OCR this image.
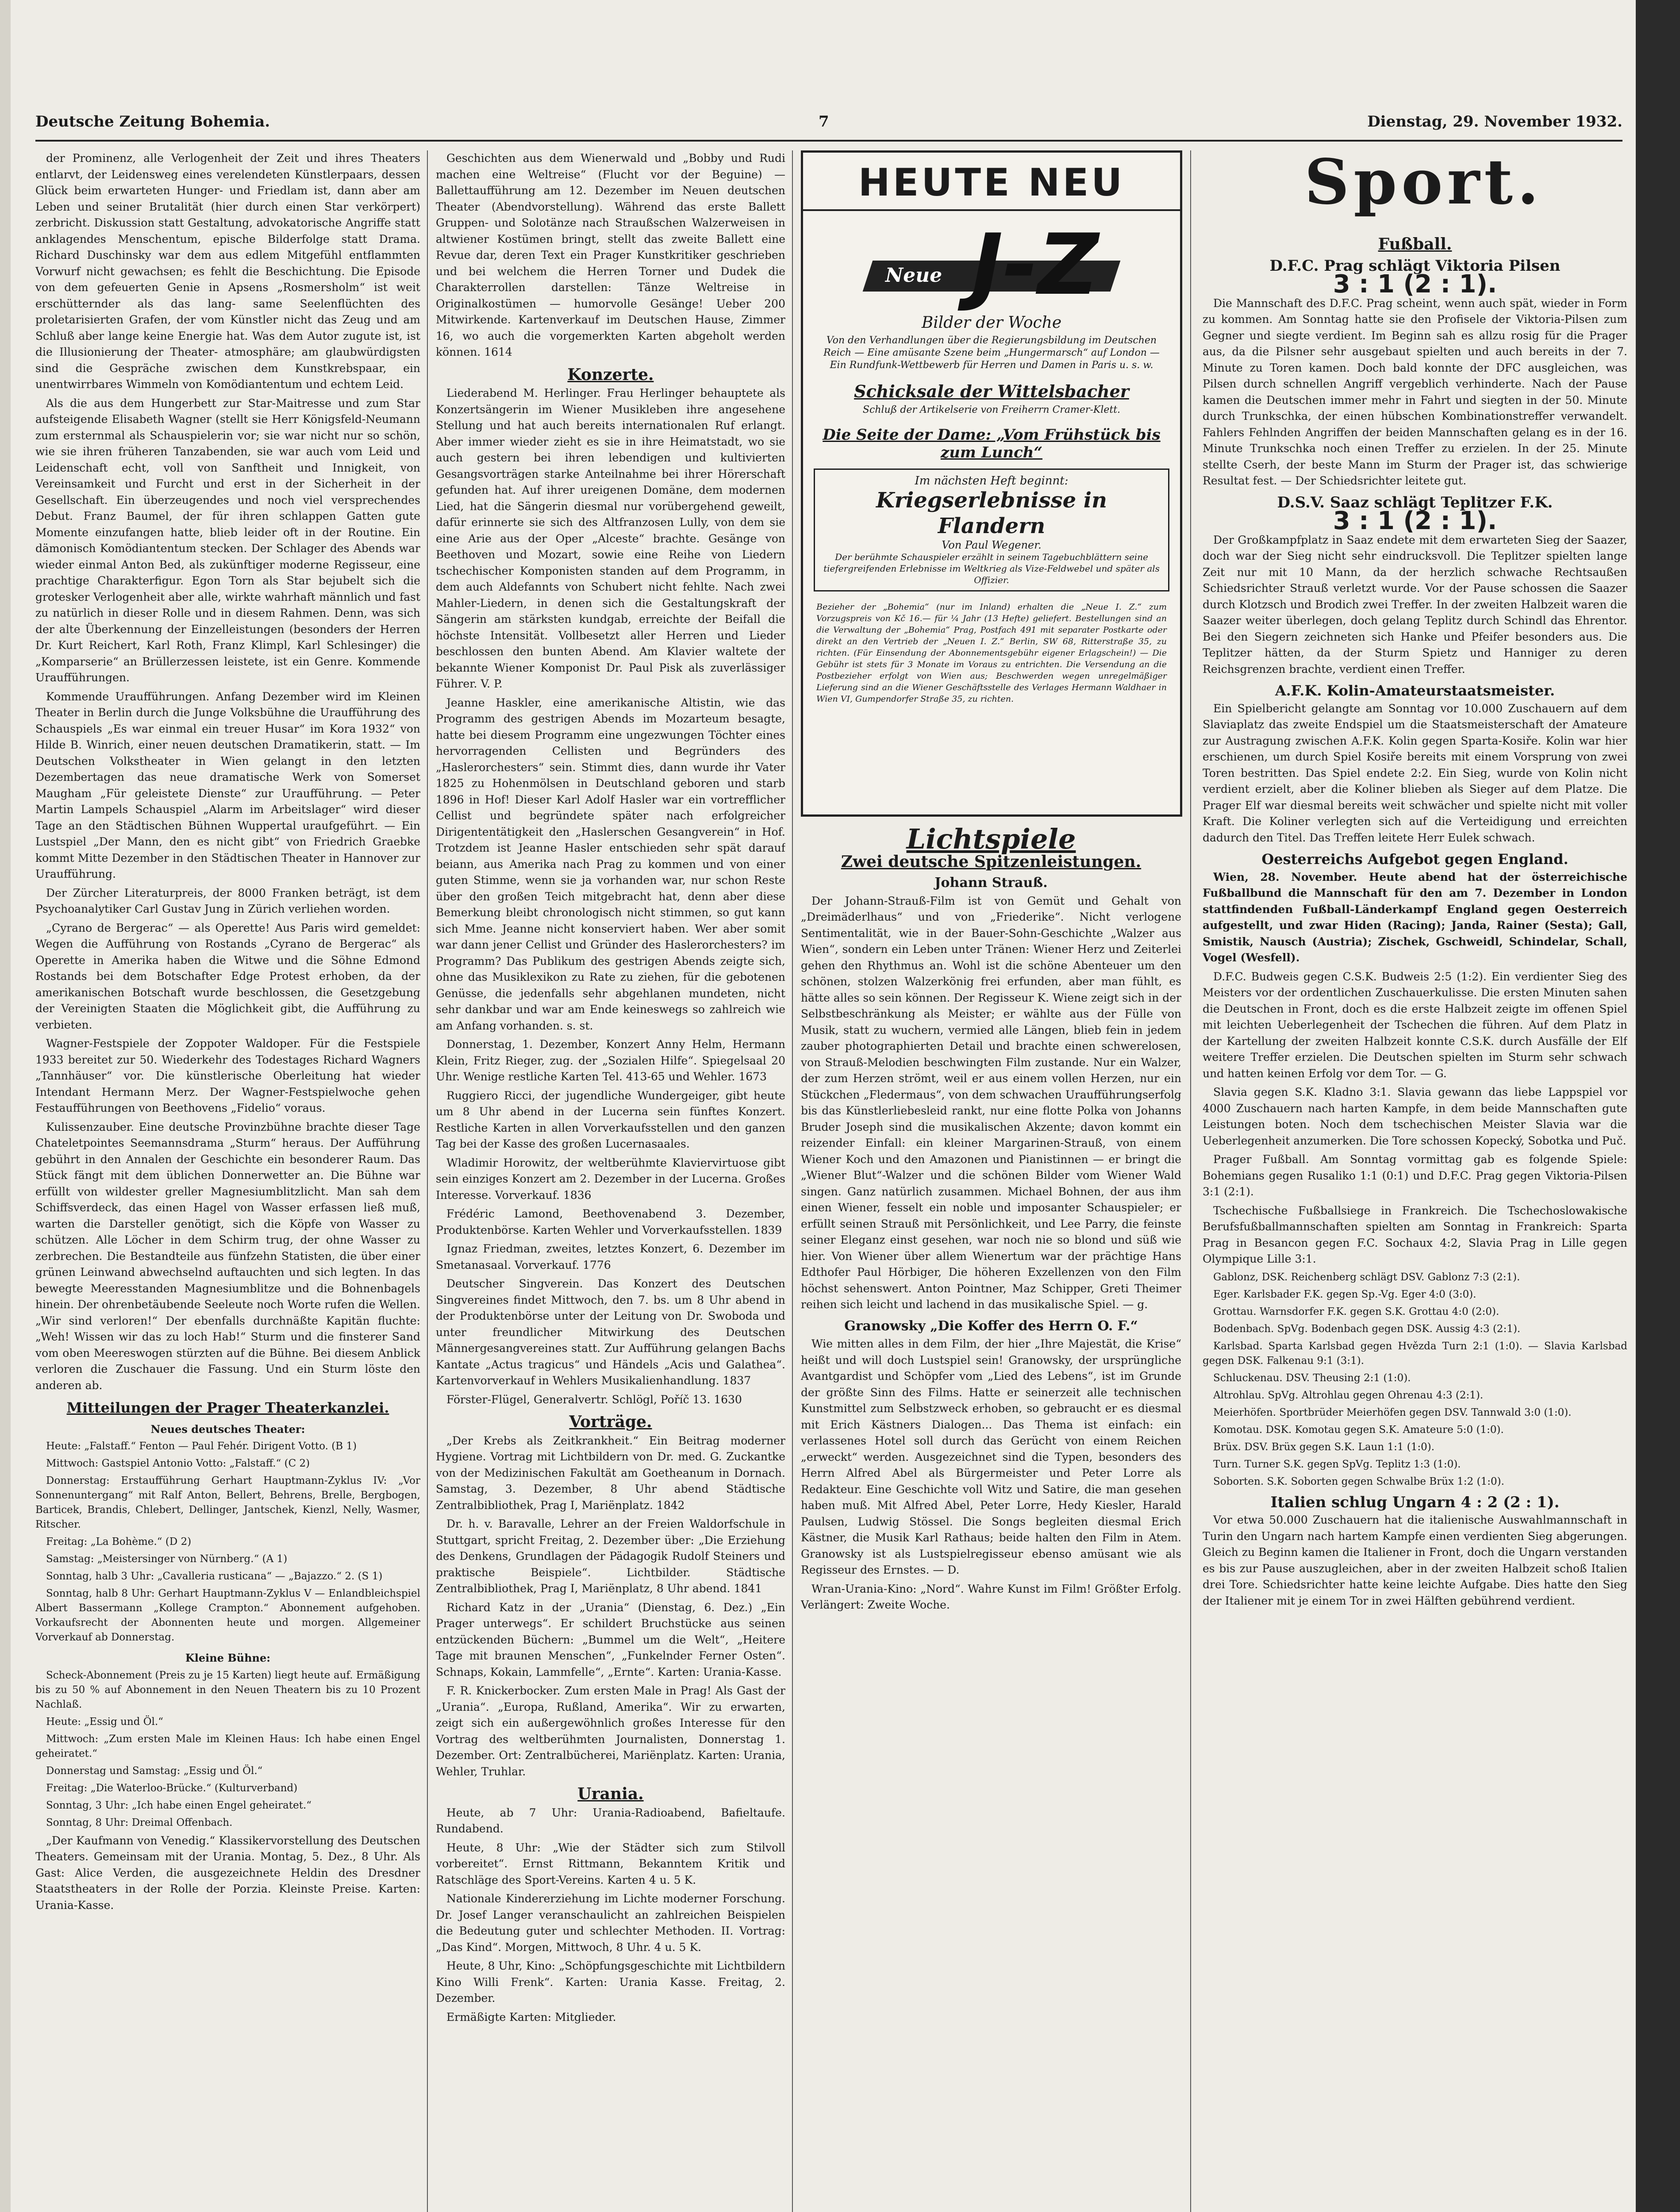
Deutsche Zeitung Bohemia.	7	Dienstag, 29. November 1932.

der Prominenz, alle Verlogenheit der Zeit und ihres Theaters entlarvt, der Leidensweg eines verelendeten Künstlerpaars, dessen Glück beim erwarteten Hunger- und Friedlam ist, dann aber am Leben und seiner Brutalität (hier durch einen Star verkörpert) zerbricht. Diskussion statt Gestaltung, advokatorische Angriffe statt anklagendes Menschentum, epische Bilderfolge statt Drama. Richard Duschinsky war dem aus edlem Mitgefühl entflammten Vorwurf nicht gewachsen; es fehlt die Beschichtung. Die Episode von dem gefeuerten Genie in Apsens „Rosmersholm“ ist weit erschütternder als das lang- same Seelenflüchten des proletarisierten Grafen, der vom Künstler nicht das Zeug und am Schluß aber lange keine Energie hat. Was dem Autor zugute ist, ist die Illusionierung der Theater- atmosphäre; am glaubwürdigsten sind die Gespräche zwischen dem Kunstkrebspaar, ein unentwirrbares Wimmeln von Komödiantentum und echtem Leid.

Als die aus dem Hungerbett zur Star-Maitresse und zum Star aufsteigende Elisabeth Wagner (stellt sie Herr Königsfeld-Neumann zum ersternmal als Schauspielerin vor; sie war nicht nur so schön, wie sie ihren früheren Tanzabenden, sie war auch vom Leid und Leidenschaft echt, voll von Sanftheit und Innigkeit, von Vereinsamkeit und Furcht und erst in der Sicherheit in der Gesellschaft. Ein überzeugendes und noch viel versprechendes Debut. Franz Baumel, der für ihren schlappen Gatten gute Momente einzufangen hatte, blieb leider oft in der Routine. Ein dämonisch Komödiantentum stecken. Der Schlager des Abends war wieder einmal Anton Bed, als zukünftiger moderne Regisseur, eine prachtige Charakterfigur. Egon Torn als Star bejubelt sich die grotesker Verlogenheit aber alle, wirkte wahrhaft männlich und fast zu natürlich in dieser Rolle und in diesem Rahmen. Denn, was sich der alte Überkennung der Einzelleistungen (besonders der Herren Dr. Kurt Reichert, Karl Roth, Franz Klimpl, Karl Schlesinger) die „Komparserie“ an Brüllerzessen leistete, ist ein Genre. Kommende Uraufführungen.

Kommende Uraufführungen. Anfang Dezember wird im Kleinen Theater in Berlin durch die Junge Volksbühne die Uraufführung des Schauspiels „Es war einmal ein treuer Husar“ im Kora 1932“ von Hilde B. Winrich, einer neuen deutschen Dramatikerin, statt. — Im Deutschen Volkstheater in Wien gelangt in den letzten Dezembertagen das neue dramatische Werk von Somerset Maugham „Für geleistete Dienste“ zur Uraufführung. — Peter Martin Lampels Schauspiel „Alarm im Arbeitslager“ wird dieser Tage an den Städtischen Bühnen Wuppertal uraufgeführt. — Ein Lustspiel „Der Mann, den es nicht gibt“ von Friedrich Graebke kommt Mitte Dezember in den Städtischen Theater in Hannover zur Uraufführung.

Der Zürcher Literaturpreis, der 8000 Franken beträgt, ist dem Psychoanalytiker Carl Gustav Jung in Zürich verliehen worden.

„Cyrano de Bergerac“ — als Operette! Aus Paris wird gemeldet: Wegen die Aufführung von Rostands „Cyrano de Bergerac“ als Operette in Amerika haben die Witwe und die Söhne Edmond Rostands bei dem Botschafter Edge Protest erhoben, da der amerikanischen Botschaft wurde beschlossen, die Gesetzgebung der Vereinigten Staaten die Möglichkeit gibt, die Aufführung zu verbieten.

Wagner-Festspiele der Zoppoter Waldoper. Für die Festspiele 1933 bereitet zur 50. Wiederkehr des Todestages Richard Wagners „Tannhäuser“ vor. Die künstlerische Oberleitung hat wieder Intendant Hermann Merz. Der Wagner-Festspielwoche gehen Festaufführungen von Beethovens „Fidelio“ voraus.

Kulissenzauber. Eine deutsche Provinzbühne brachte dieser Tage Chateletpointes Seemannsdrama „Sturm“ heraus. Der Aufführung gebührt in den Annalen der Geschichte ein besonderer Raum. Das Stück fängt mit dem üblichen Donnerwetter an. Die Bühne war erfüllt von wildester greller Magnesiumblitzlicht. Man sah dem Schiffsverdeck, das einen Hagel von Wasser erfassen ließ muß, warten die Darsteller genötigt, sich die Köpfe von Wasser zu schützen. Alle Löcher in dem Schirm trug, der ohne Wasser zu zerbrechen. Die Bestandteile aus fünfzehn Statisten, die über einer grünen Leinwand abwechselnd auftauchten und sich legten. In das bewegte Meeresstanden Magnesiumblitze und die Bohnenbagels hinein. Der ohrenbetäubende Seeleute noch Worte rufen die Wellen. „Wir sind verloren!“ Der ebenfalls durchnäßte Kapitän fluchte: „Weh! Wissen wir das zu loch Hab!“ Sturm und die finsterer Sand vom oben Meereswogen stürzten auf die Bühne. Bei diesem Anblick verloren die Zuschauer die Fassung. Und ein Sturm löste den anderen ab.

Mitteilungen der Prager Theaterkanzlei.
Neues deutsches Theater:

Heute: „Falstaff.“ Fenton — Paul Fehér. Dirigent Votto. (B 1)

Mittwoch: Gastspiel Antonio Votto: „Falstaff.“ (C 2)

Donnerstag: Erstaufführung Gerhart Hauptmann-Zyklus IV: „Vor Sonnenuntergang“ mit Ralf Anton, Bellert, Behrens, Brelle, Bergbogen, Barticek, Brandis, Chlebert, Dellinger, Jantschek, Kienzl, Nelly, Wasmer, Ritscher.

Freitag: „La Bohème.“ (D 2)

Samstag: „Meistersinger von Nürnberg.“ (A 1)

Sonntag, halb 3 Uhr: „Cavalleria rusticana“ — „Bajazzo.“ 2. (S 1)

Sonntag, halb 8 Uhr: Gerhart Hauptmann-Zyklus V — Enlandbleichspiel Albert Bassermann „Kollege Crampton.“ Abonnement aufgehoben. Vorkaufsrecht der Abonnenten heute und morgen. Allgemeiner Vorverkauf ab Donnerstag.

Kleine Bühne:

Scheck-Abonnement (Preis zu je 15 Karten) liegt heute auf. Ermäßigung bis zu 50 % auf Abonnement in den Neuen Theatern bis zu 10 Prozent Nachlaß.

Heute: „Essig und Öl.“

Mittwoch: „Zum ersten Male im Kleinen Haus: Ich habe einen Engel geheiratet.“

Donnerstag und Samstag: „Essig und Öl.“

Freitag: „Die Waterloo-Brücke.“ (Kulturverband)

Sonntag, 3 Uhr: „Ich habe einen Engel geheiratet.“

Sonntag, 8 Uhr: Dreimal Offenbach.

„Der Kaufmann von Venedig.“ Klassikervorstellung des Deutschen Theaters. Gemeinsam mit der Urania. Montag, 5. Dez., 8 Uhr. Als Gast: Alice Verden, die ausgezeichnete Heldin des Dresdner Staatstheaters in der Rolle der Porzia. Kleinste Preise. Karten: Urania-Kasse.

Geschichten aus dem Wienerwald und „Bobby und Rudi machen eine Weltreise“ (Flucht vor der Beguine) — Ballettaufführung am 12. Dezember im Neuen deutschen Theater (Abendvorstellung). Während das erste Ballett Gruppen- und Solotänze nach Straußschen Walzerweisen in altwiener Kostümen bringt, stellt das zweite Ballett eine Revue dar, deren Text ein Prager Kunstkritiker geschrieben und bei welchem die Herren Torner und Dudek die Charakterrollen darstellen: Tänze Weltreise in Originalkostümen — humorvolle Gesänge! Ueber 200 Mitwirkende. Kartenverkauf im Deutschen Hause, Zimmer 16, wo auch die vorgemerkten Karten abgeholt werden können. 1614

Konzerte.

Liederabend M. Herlinger. Frau Herlinger behauptete als Konzertsängerin im Wiener Musikleben ihre angesehene Stellung und hat auch bereits internationalen Ruf erlangt. Aber immer wieder zieht es sie in ihre Heimatstadt, wo sie auch gestern bei ihren lebendigen und kultivierten Gesangsvorträgen starke Anteilnahme bei ihrer Hörerschaft gefunden hat. Auf ihrer ureigenen Domäne, dem modernen Lied, hat die Sängerin diesmal nur vorübergehend geweilt, dafür erinnerte sie sich des Altfranzosen Lully, von dem sie eine Arie aus der Oper „Alceste“ brachte. Gesänge von Beethoven und Mozart, sowie eine Reihe von Liedern tschechischer Komponisten standen auf dem Programm, in dem auch Aldefannts von Schubert nicht fehlte. Nach zwei Mahler-Liedern, in denen sich die Gestaltungskraft der Sängerin am stärksten kundgab, erreichte der Beifall die höchste Intensität. Vollbesetzt aller Herren und Lieder beschlossen den bunten Abend. Am Klavier waltete der bekannte Wiener Komponist Dr. Paul Pisk als zuverlässiger Führer. V. P.

Jeanne Haskler, eine amerikanische Altistin, wie das Programm des gestrigen Abends im Mozarteum besagte, hatte bei diesem Programm eine ungezwungen Töchter eines hervorragenden Cellisten und Begründers des „Haslerorchesters“ sein. Stimmt dies, dann wurde ihr Vater 1825 zu Hohenmölsen in Deutschland geboren und starb 1896 in Hof! Dieser Karl Adolf Hasler war ein vortrefflicher Cellist und begründete später nach erfolgreicher Dirigententätigkeit den „Haslerschen Gesangverein“ in Hof. Trotzdem ist Jeanne Hasler entschieden sehr spät darauf beiann, aus Amerika nach Prag zu kommen und von einer guten Stimme, wenn sie ja vorhanden war, nur schon Reste über den großen Teich mitgebracht hat, denn aber diese Bemerkung bleibt chronologisch nicht stimmen, so gut kann sich Mme. Jeanne nicht konserviert haben. Wer aber somit war dann jener Cellist und Gründer des Haslerorchesters? im Programm? Das Publikum des gestrigen Abends zeigte sich, ohne das Musiklexikon zu Rate zu ziehen, für die gebotenen Genüsse, die jedenfalls sehr abgehlanen mundeten, nicht sehr dankbar und war am Ende keineswegs so zahlreich wie am Anfang vorhanden. s. st.

Donnerstag, 1. Dezember, Konzert Anny Helm, Hermann Klein, Fritz Rieger, zug. der „Sozialen Hilfe“. Spiegelsaal 20 Uhr. Wenige restliche Karten Tel. 413-65 und Wehler. 1673

Ruggiero Ricci, der jugendliche Wundergeiger, gibt heute um 8 Uhr abend in der Lucerna sein fünftes Konzert. Restliche Karten in allen Vorverkaufsstellen und den ganzen Tag bei der Kasse des großen Lucernasaales.

Wladimir Horowitz, der weltberühmte Klaviervirtuose gibt sein einziges Konzert am 2. Dezember in der Lucerna. Großes Interesse. Vorverkauf. 1836

Frédéric Lamond, Beethovenabend 3. Dezember, Produktenbörse. Karten Wehler und Vorverkaufsstellen. 1839

Ignaz Friedman, zweites, letztes Konzert, 6. Dezember im Smetanasaal. Vorverkauf. 1776

Deutscher Singverein. Das Konzert des Deutschen Singvereines findet Mittwoch, den 7. bs. um 8 Uhr abend in der Produktenbörse unter der Leitung von Dr. Swoboda und unter freundlicher Mitwirkung des Deutschen Männergesangvereines statt. Zur Aufführung gelangen Bachs Kantate „Actus tragicus“ und Händels „Acis und Galathea“. Kartenvorverkauf in Wehlers Musikalienhandlung. 1837

Förster-Flügel, Generalvertr. Schlögl, Poříč 13. 1630

Vorträge.

„Der Krebs als Zeitkrankheit.“ Ein Beitrag moderner Hygiene. Vortrag mit Lichtbildern von Dr. med. G. Zuckantke von der Medizinischen Fakultät am Goetheanum in Dornach. Samstag, 3. Dezember, 8 Uhr abend Städtische Zentralbibliothek, Prag I, Mariënplatz. 1842

Dr. h. v. Baravalle, Lehrer an der Freien Waldorfschule in Stuttgart, spricht Freitag, 2. Dezember über: „Die Erziehung des Denkens, Grundlagen der Pädagogik Rudolf Steiners und praktische Beispiele“. Lichtbilder. Städtische Zentralbibliothek, Prag I, Mariënplatz, 8 Uhr abend. 1841

Richard Katz in der „Urania“ (Dienstag, 6. Dez.) „Ein Prager unterwegs“. Er schildert Bruchstücke aus seinen entzückenden Büchern: „Bummel um die Welt“, „Heitere Tage mit braunen Menschen“, „Funkelnder Ferner Osten“. Schnaps, Kokain, Lammfelle“, „Ernte“. Karten: Urania-Kasse.

F. R. Knickerbocker. Zum ersten Male in Prag! Als Gast der „Urania“. „Europa, Rußland, Amerika“. Wir zu erwarten, zeigt sich ein außergewöhnlich großes Interesse für den Vortrag des weltberühmten Journalisten, Donnerstag 1. Dezember. Ort: Zentralbücherei, Mariënplatz. Karten: Urania, Wehler, Truhlar.

Urania.

Heute, ab 7 Uhr: Urania-Radioabend, Bafieltaufe. Rundabend.

Heute, 8 Uhr: „Wie der Städter sich zum Stilvoll vorbereitet“. Ernst Rittmann, Bekanntem Kritik und Ratschläge des Sport-Vereins. Karten 4 u. 5 K.

Nationale Kindererziehung im Lichte moderner Forschung. Dr. Josef Langer veranschaulicht an zahlreichen Beispielen die Bedeutung guter und schlechter Methoden. II. Vortrag: „Das Kind“. Morgen, Mittwoch, 8 Uhr. 4 u. 5 K.

Heute, 8 Uhr, Kino: „Schöpfungsgeschichte mit Lichtbildern Kino Willi Frenk“. Karten: Urania Kasse. Freitag, 2. Dezember.

Ermäßigte Karten: Mitglieder.

HEUTE NEU
Neue J-Z
Bilder der Woche
Von den Verhandlungen über die Regierungsbildung im Deutschen Reich — Eine amüsante Szene beim „Hungermarsch“ auf London — Ein Rundfunk-Wettbewerb für Herren und Damen in Paris u. s. w.
Schicksale der Wittelsbacher
Schluß der Artikelserie von Freiherrn Cramer-Klett.
Die Seite der Dame: „Vom Frühstück bis zum Lunch“
Im nächsten Heft beginnt:
Kriegserlebnisse in Flandern
Von Paul Wegener.
Der berühmte Schauspieler erzählt in seinem Tagebuchblättern seine tiefergreifenden Erlebnisse im Weltkrieg als Vize-Feldwebel und später als Offizier.
Bezieher der „Bohemia“ (nur im Inland) erhalten die „Neue I. Z.“ zum Vorzugspreis von Kč 16.— für ¼ Jahr (13 Hefte) geliefert. Bestellungen sind an die Verwaltung der „Bohemia“ Prag, Postfach 491 mit separater Postkarte oder direkt an den Vertrieb der „Neuen I. Z.“ Berlin, SW 68, Ritterstraße 35, zu richten. (Für Einsendung der Abonnementsgebühr eigener Erlagschein!) — Die Gebühr ist stets für 3 Monate im Voraus zu entrichten. Die Versendung an die Postbezieher erfolgt von Wien aus; Beschwerden wegen unregelmäßiger Lieferung sind an die Wiener Geschäftsstelle des Verlages Hermann Waldhaer in Wien VI, Gumpendorfer Straße 35, zu richten.
Lichtspiele
Zwei deutsche Spitzenleistungen.
Johann Strauß.

Der Johann-Strauß-Film ist von Gemüt und Gehalt von „Dreimäderlhaus“ und von „Friederike“. Nicht verlogene Sentimentalität, wie in der Bauer-Sohn-Geschichte „Walzer aus Wien“, sondern ein Leben unter Tränen: Wiener Herz und Zeiterlei gehen den Rhythmus an. Wohl ist die schöne Abenteuer um den schönen, stolzen Walzerkönig frei erfunden, aber man fühlt, es hätte alles so sein können. Der Regisseur K. Wiene zeigt sich in der Selbstbeschränkung als Meister; er wählte aus der Fülle von Musik, statt zu wuchern, vermied alle Längen, blieb fein in jedem zauber photographierten Detail und brachte einen schwerelosen, von Strauß-Melodien beschwingten Film zustande. Nur ein Walzer, der zum Herzen strömt, weil er aus einem vollen Herzen, nur ein Stückchen „Fledermaus“, von dem schwachen Uraufführungserfolg bis das Künstlerliebesleid rankt, nur eine flotte Polka von Johanns Bruder Joseph sind die musikalischen Akzente; davon kommt ein reizender Einfall: ein kleiner Margarinen-Strauß, von einem Wiener Koch und den Amazonen und Pianistinnen — er bringt die „Wiener Blut“-Walzer und die schönen Bilder vom Wiener Wald singen. Ganz natürlich zusammen. Michael Bohnen, der aus ihm einen Wiener, fesselt ein noble und imposanter Schauspieler; er erfüllt seinen Strauß mit Persönlichkeit, und Lee Parry, die feinste seiner Eleganz einst gesehen, war noch nie so blond und süß wie hier. Von Wiener über allem Wienertum war der prächtige Hans Edthofer Paul Hörbiger, Die höheren Exzellenzen von den Film höchst sehenswert. Anton Pointner, Maz Schipper, Greti Theimer reihen sich leicht und lachend in das musikalische Spiel. — g.

Granowsky „Die Koffer des Herrn O. F.“

Wie mitten alles in dem Film, der hier „Ihre Majestät, die Krise“ heißt und will doch Lustspiel sein! Granowsky, der ursprüngliche Avantgardist und Schöpfer vom „Lied des Lebens“, ist im Grunde der größte Sinn des Films. Hatte er seinerzeit alle technischen Kunstmittel zum Selbstzweck erhoben, so gebraucht er es diesmal mit Erich Kästners Dialogen... Das Thema ist einfach: ein verlassenes Hotel soll durch das Gerücht von einem Reichen „erweckt“ werden. Ausgezeichnet sind die Typen, besonders des Herrn Alfred Abel als Bürgermeister und Peter Lorre als Redakteur. Eine Geschichte voll Witz und Satire, die man gesehen haben muß. Mit Alfred Abel, Peter Lorre, Hedy Kiesler, Harald Paulsen, Ludwig Stössel. Die Songs begleiten diesmal Erich Kästner, die Musik Karl Rathaus; beide halten den Film in Atem. Granowsky ist als Lustspielregisseur ebenso amüsant wie als Regisseur des Ernstes. — D.

Wran-Urania-Kino: „Nord“. Wahre Kunst im Film! Größter Erfolg. Verlängert: Zweite Woche.

Sport.
Fußball.
D.F.C. Prag schlägt Viktoria Pilsen
3 : 1 (2 : 1).

Die Mannschaft des D.F.C. Prag scheint, wenn auch spät, wieder in Form zu kommen. Am Sonntag hatte sie den Profisele der Viktoria-Pilsen zum Gegner und siegte verdient. Im Beginn sah es allzu rosig für die Prager aus, da die Pilsner sehr ausgebaut spielten und auch bereits in der 7. Minute zu Toren kamen. Doch bald konnte der DFC ausgleichen, was Pilsen durch schnellen Angriff vergeblich verhinderte. Nach der Pause kamen die Deutschen immer mehr in Fahrt und siegten in der 50. Minute durch Trunkschka, der einen hübschen Kombinationstreffer verwandelt. Fahlers Fehlnden Angriffen der beiden Mannschaften gelang es in der 16. Minute Trunkschka noch einen Treffer zu erzielen. In der 25. Minute stellte Cserh, der beste Mann im Sturm der Prager ist, das schwierige Resultat fest. — Der Schiedsrichter leitete gut.

D.S.V. Saaz schlägt Teplitzer F.K.
3 : 1 (2 : 1).

Der Großkampfplatz in Saaz endete mit dem erwarteten Sieg der Saazer, doch war der Sieg nicht sehr eindrucksvoll. Die Teplitzer spielten lange Zeit nur mit 10 Mann, da der herzlich schwache Rechtsaußen Schiedsrichter Strauß verletzt wurde. Vor der Pause schossen die Saazer durch Klotzsch und Brodich zwei Treffer. In der zweiten Halbzeit waren die Saazer weiter überlegen, doch gelang Teplitz durch Schindl das Ehrentor. Bei den Siegern zeichneten sich Hanke und Pfeifer besonders aus. Die Teplitzer hätten, da der Sturm Spietz und Hanniger zu deren Reichsgrenzen brachte, verdient einen Treffer.

A.F.K. Kolin-Amateurstaatsmeister.

Ein Spielbericht gelangte am Sonntag vor 10.000 Zuschauern auf dem Slaviaplatz das zweite Endspiel um die Staatsmeisterschaft der Amateure zur Austragung zwischen A.F.K. Kolin gegen Sparta-Kosiře. Kolin war hier erschienen, um durch Spiel Kosiře bereits mit einem Vorsprung von zwei Toren bestritten. Das Spiel endete 2:2. Ein Sieg, wurde von Kolin nicht verdient erzielt, aber die Koliner blieben als Sieger auf dem Platze. Die Prager Elf war diesmal bereits weit schwächer und spielte nicht mit voller Kraft. Die Koliner verlegten sich auf die Verteidigung und erreichten dadurch den Titel. Das Treffen leitete Herr Eulek schwach.

Oesterreichs Aufgebot gegen England.

Wien, 28. November. Heute abend hat der österreichische Fußballbund die Mannschaft für den am 7. Dezember in London stattfindenden Fußball-Länderkampf England gegen Oesterreich aufgestellt, und zwar Hiden (Racing); Janda, Rainer (Sesta); Gall, Smistik, Nausch (Austria); Zischek, Gschweidl, Schindelar, Schall, Vogel (Wesfell).

D.F.C. Budweis gegen C.S.K. Budweis 2:5 (1:2). Ein verdienter Sieg des Meisters vor der ordentlichen Zuschauerkulisse. Die ersten Minuten sahen die Deutschen in Front, doch es die erste Halbzeit zeigte im offenen Spiel mit leichten Ueberlegenheit der Tschechen die führen. Auf dem Platz in der Kartellung der zweiten Halbzeit konnte C.S.K. durch Ausfälle der Elf weitere Treffer erzielen. Die Deutschen spielten im Sturm sehr schwach und hatten keinen Erfolg vor dem Tor. — G.

Slavia gegen S.K. Kladno 3:1. Slavia gewann das liebe Lappspiel vor 4000 Zuschauern nach harten Kampfe, in dem beide Mannschaften gute Leistungen boten. Noch dem tschechischen Meister Slavia war die Ueberlegenheit anzumerken. Die Tore schossen Kopecký, Sobotka und Puč.

Prager Fußball. Am Sonntag vormittag gab es folgende Spiele: Bohemians gegen Rusaliko 1:1 (0:1) und D.F.C. Prag gegen Viktoria-Pilsen 3:1 (2:1).

Tschechische Fußballsiege in Frankreich. Die Tschechoslowakische Berufsfußballmannschaften spielten am Sonntag in Frankreich: Sparta Prag in Besancon gegen F.C. Sochaux 4:2, Slavia Prag in Lille gegen Olympique Lille 3:1.

Gablonz, DSK. Reichenberg schlägt DSV. Gablonz 7:3 (2:1).

Eger. Karlsbader F.K. gegen Sp.-Vg. Eger 4:0 (3:0).

Grottau. Warnsdorfer F.K. gegen S.K. Grottau 4:0 (2:0).

Bodenbach. SpVg. Bodenbach gegen DSK. Aussig 4:3 (2:1).

Karlsbad. Sparta Karlsbad gegen Hvězda Turn 2:1 (1:0). — Slavia Karlsbad gegen DSK. Falkenau 9:1 (3:1).

Schluckenau. DSV. Theusing 2:1 (1:0).

Altrohlau. SpVg. Altrohlau gegen Ohrenau 4:3 (2:1).

Meierhöfen. Sportbrüder Meierhöfen gegen DSV. Tannwald 3:0 (1:0).

Komotau. DSK. Komotau gegen S.K. Amateure 5:0 (1:0).

Brüx. DSV. Brüx gegen S.K. Laun 1:1 (1:0).

Turn. Turner S.K. gegen SpVg. Teplitz 1:3 (1:0).

Soborten. S.K. Soborten gegen Schwalbe Brüx 1:2 (1:0).

Italien schlug Ungarn 4 : 2 (2 : 1).

Vor etwa 50.000 Zuschauern hat die italienische Auswahlmannschaft in Turin den Ungarn nach hartem Kampfe einen verdienten Sieg abgerungen. Gleich zu Beginn kamen die Italiener in Front, doch die Ungarn verstanden es bis zur Pause auszugleichen, aber in der zweiten Halbzeit schoß Italien drei Tore. Schiedsrichter hatte keine leichte Aufgabe. Dies hatte den Sieg der Italiener mit je einem Tor in zwei Hälften gebührend verdient.
